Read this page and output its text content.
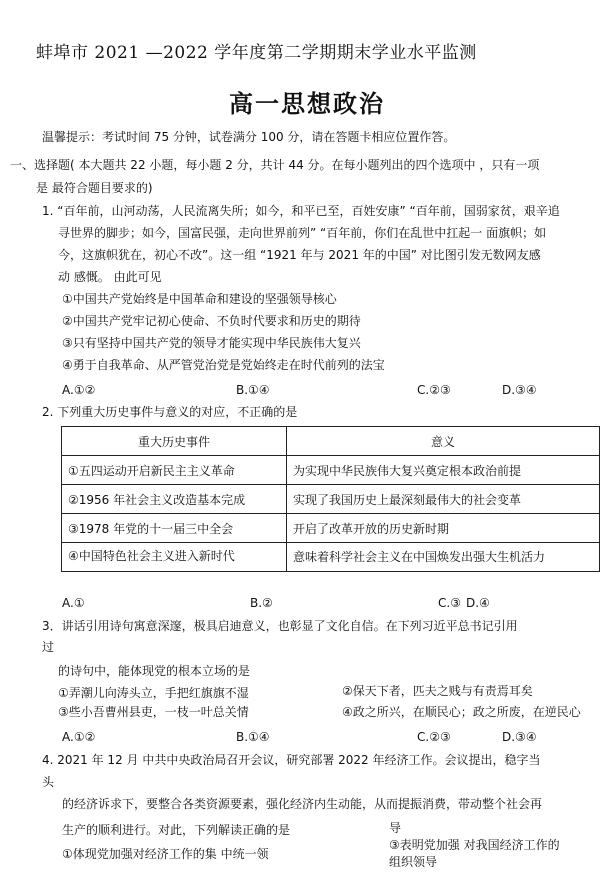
蚌埠市 2021 —2022 学年度第二学期期末学业水平监测
高一思想政治
温馨提示：考试时间 75 分钟，试卷满分 100 分，请在答题卡相应位置作答。
一、选择题( 本大题共 22 小题，每小题 2 分，共计 44 分。在每小题列出的四个选项中 ，只有一项
是 最符合题目要求的)
1. “百年前，山河动荡，人民流离失所；如今，和平已至，百姓安康” “百年前，国弱家贫，艰辛追
寻世界的脚步；如今，国富民强，走向世界前列” “百年前，你们在乱世中扛起一 面旗帜；如
今，这旗帜犹在，初心不改”。这一组 “1921 年与 2021 年的中国” 对比图引发无数网友感
动 感慨。 由此可见
①中国共产党始终是中国革命和建设的坚强领导核心
②中国共产党牢记初心使命、不负时代要求和历史的期待
③只有坚持中国共产党的领导才能实现中华民族伟大复兴
④勇于自我革命、从严管党治党是党始终走在时代前列的法宝
A.①②	B.①④	C.②③	D.③④
2. 下列重大历史事件与意义的对应，不正确的是
重大历史事件	意义
①五四运动开启新民主主义革命	为实现中华民族伟大复兴奠定根本政治前提
②1956 年社会主义改造基本完成	实现了我国历史上最深刻最伟大的社会变革
③1978 年党的十一届三中全会	开启了改革开放的历史新时期
④中国特色社会主义进入新时代	意味着科学社会主义在中国焕发出强大生机活力
A.①	B.②	C.③ D.④
3．讲话引用诗句寓意深邃，极具启迪意义，也彰显了文化自信。在下列习近平总书记引用
过
的诗句中，能体现党的根本立场的是
①弄潮儿向涛头立，手把红旗旗不湿	②保天下者，匹夫之贱与有责焉耳矣
③些小吾曹州县吏，一枝一叶总关情	④政之所兴，在顺民心；政之所废，在逆民心
A.①②	B.①④	C.②③	D.③④
4. 2021 年 12 月 中共中央政治局召开会议，研究部署 2022 年经济工作。会议提出，稳字当
头
的经济诉求下，要整合各类资源要素，强化经济内生动能，从而提振消费，带动整个社会再
生产的顺利进行。对此，下列解读正确的是	导
①体现党加强对经济工作的集 中统一领
③表明党加强 对我国经济工作的
组织领导
